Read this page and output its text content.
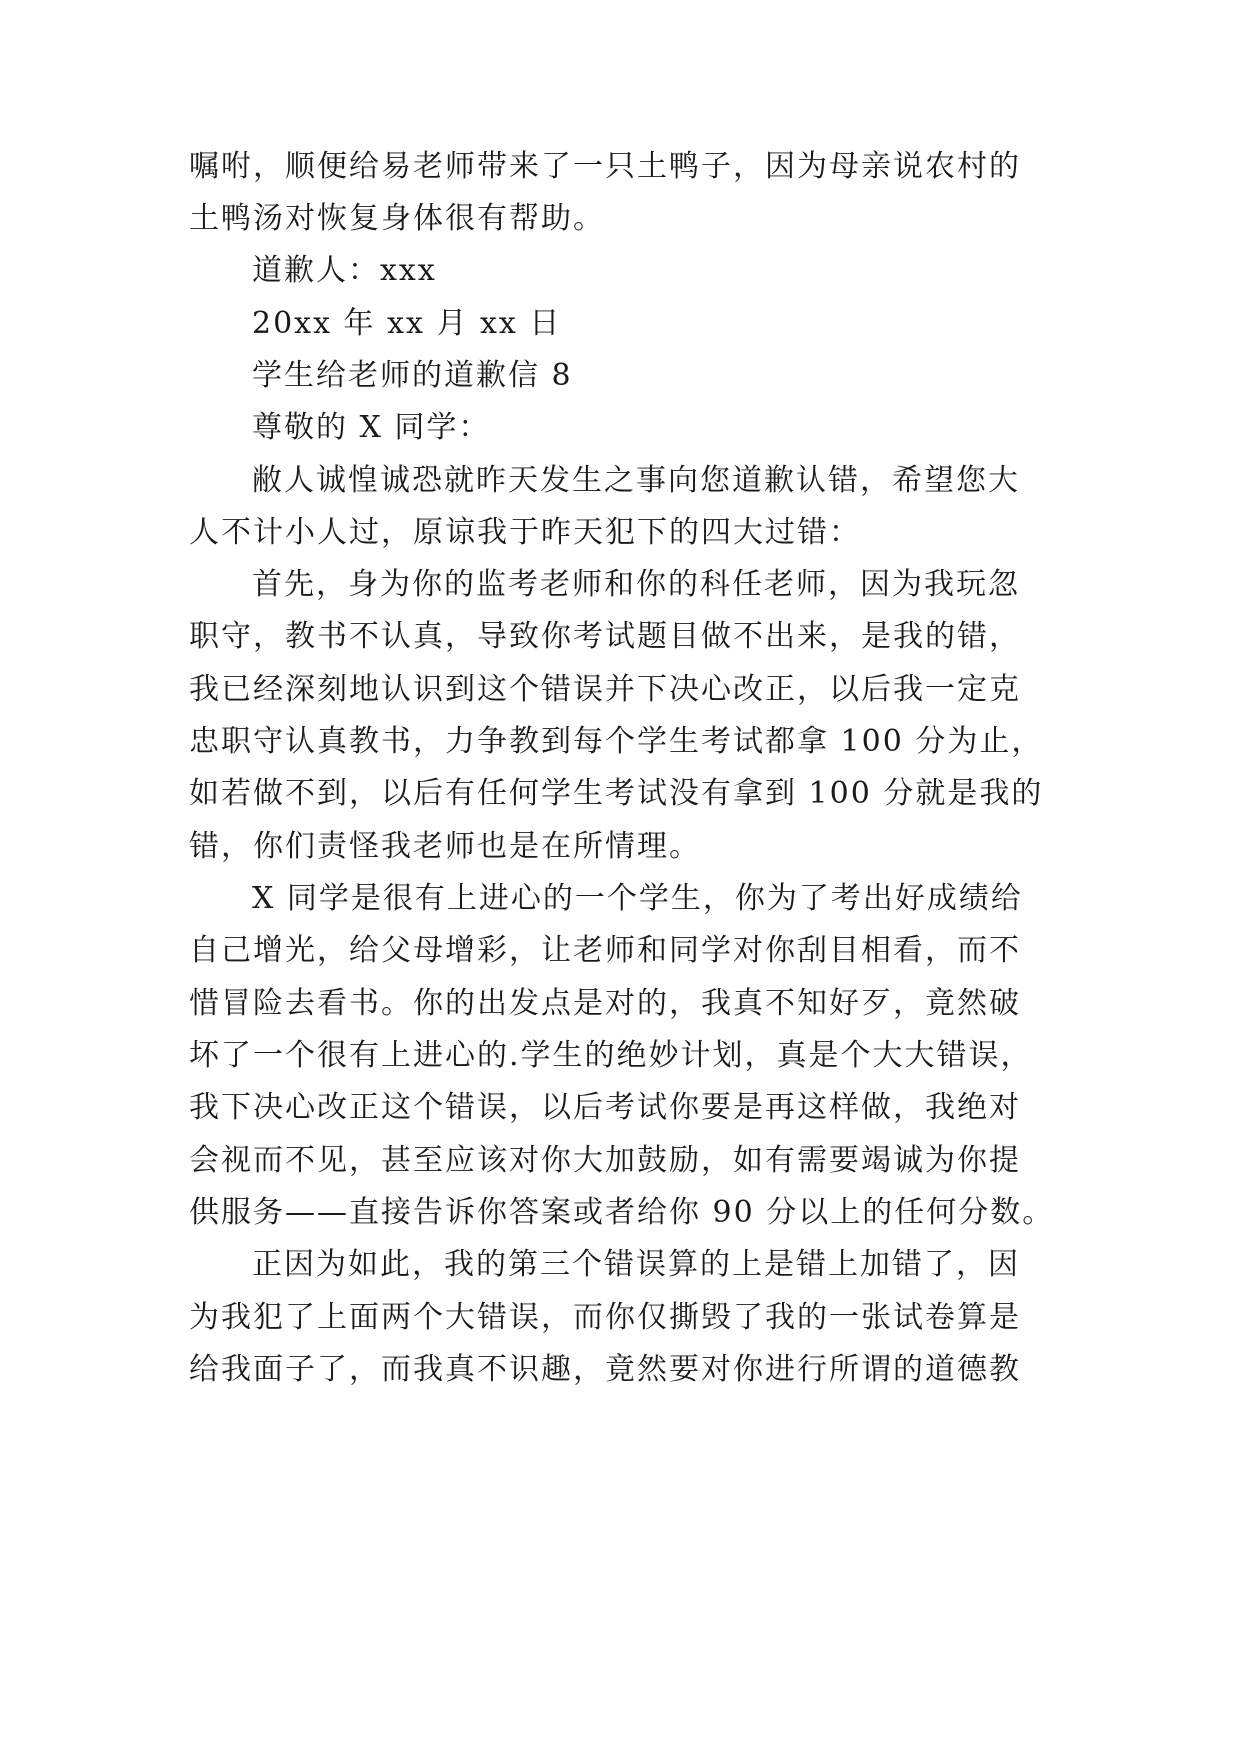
嘱咐，顺便给易老师带来了一只土鸭子，因为母亲说农村的
土鸭汤对恢复身体很有帮助。
道歉人：xxx
20xx 年 xx 月 xx 日
学生给老师的道歉信 8
尊敬的 X 同学：
敝人诚惶诚恐就昨天发生之事向您道歉认错，希望您大
人不计小人过，原谅我于昨天犯下的四大过错：
首先，身为你的监考老师和你的科任老师，因为我玩忽
职守，教书不认真，导致你考试题目做不出来，是我的错，
我已经深刻地认识到这个错误并下决心改正，以后我一定克
忠职守认真教书，力争教到每个学生考试都拿 100 分为止，
如若做不到，以后有任何学生考试没有拿到 100 分就是我的
错，你们责怪我老师也是在所情理。
X 同学是很有上进心的一个学生，你为了考出好成绩给
自己增光，给父母增彩，让老师和同学对你刮目相看，而不
惜冒险去看书。你的出发点是对的，我真不知好歹，竟然破
坏了一个很有上进心的.学生的绝妙计划，真是个大大错误，
我下决心改正这个错误，以后考试你要是再这样做，我绝对
会视而不见，甚至应该对你大加鼓励，如有需要竭诚为你提
供服务——直接告诉你答案或者给你 90 分以上的任何分数。
正因为如此，我的第三个错误算的上是错上加错了，因
为我犯了上面两个大错误，而你仅撕毁了我的一张试卷算是
给我面子了，而我真不识趣，竟然要对你进行所谓的道德教
